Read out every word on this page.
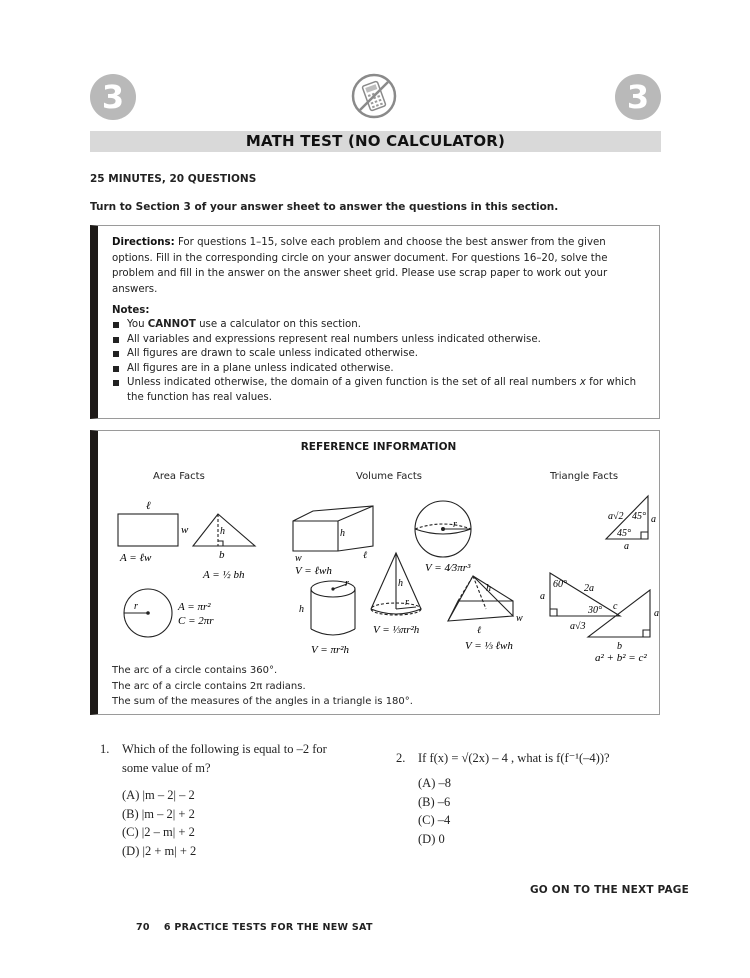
3	3
MATH TEST (NO CALCULATOR)
25 MINUTES, 20 QUESTIONS
Turn to Section 3 of your answer sheet to answer the questions in this section.
Directions: For questions 1–15, solve each problem and choose the best answer from the given options. Fill in the corresponding circle on your answer document. For questions 16–20, solve the problem and fill in the answer on the answer sheet grid. Please use scrap paper to work out your answers.
Notes:
You CANNOT use a calculator on this section.
All variables and expressions represent real numbers unless indicated otherwise.
All figures are drawn to scale unless indicated otherwise.
All figures are in a plane unless indicated otherwise.
Unless indicated otherwise, the domain of a given function is the set of all real numbers x for which the function has real values.
REFERENCE INFORMATION
Area Facts	Volume Facts	Triangle Facts
ℓ
w
A = ℓw
h
b
A = ½ bh
r	A = πr²
C = 2πr
h
ℓ
w
V = ℓwh
r
V = 4⁄3πr³
r
h
V = πr²h
h
r
V = ⅓πr²h
h
w
ℓ
V = ⅓ ℓwh
a√2 45° a
45°
a
a
60° 2a
30°
a√3
c
a
b
a² + b² = c²
The arc of a circle contains 360°.
The arc of a circle contains 2π radians.
The sum of the measures of the angles in a triangle is 180°.
1. Which of the following is equal to –2 for
some value of m?
(A) |m – 2| – 2
(B) |m – 2| + 2
(C) |2 – m| + 2
(D) |2 + m| + 2
2. If f(x) = √(2x) – 4 , what is f(f⁻¹(–4))?
(A) –8
(B) –6
(C) –4
(D) 0
GO ON TO THE NEXT PAGE
70 6 PRACTICE TESTS FOR THE NEW SAT
